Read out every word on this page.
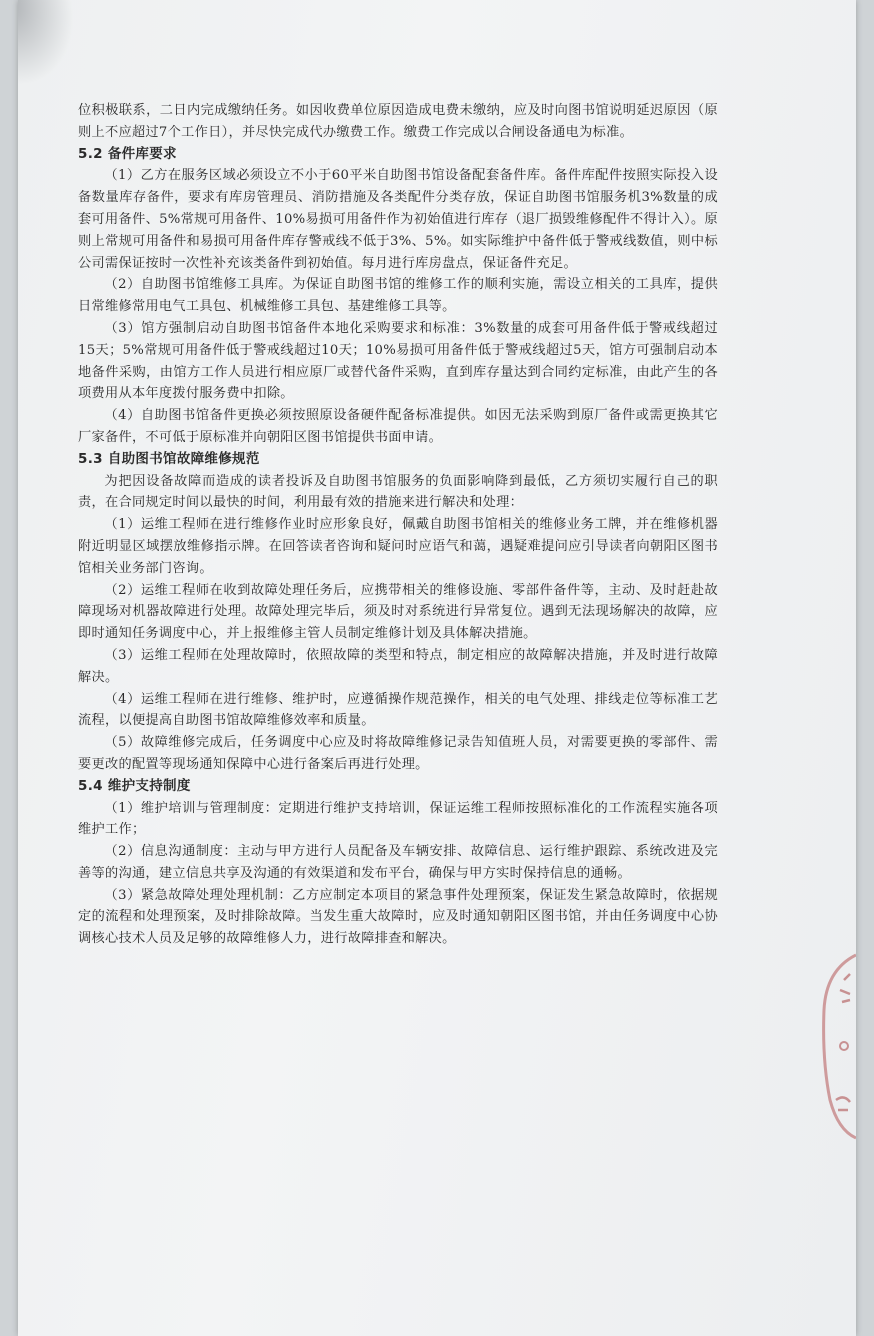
位积极联系，二日内完成缴纳任务。如因收费单位原因造成电费未缴纳，应及时向图书馆说明延迟原因（原则上不应超过7个工作日），并尽快完成代办缴费工作。缴费工作完成以合闸设备通电为标准。

5.2 备件库要求

（1）乙方在服务区域必须设立不小于60平米自助图书馆设备配套备件库。备件库配件按照实际投入设备数量库存备件，要求有库房管理员、消防措施及各类配件分类存放，保证自助图书馆服务机3%数量的成套可用备件、5%常规可用备件、10%易损可用备件作为初始值进行库存（退厂损毁维修配件不得计入）。原则上常规可用备件和易损可用备件库存警戒线不低于3%、5%。如实际维护中备件低于警戒线数值，则中标公司需保证按时一次性补充该类备件到初始值。每月进行库房盘点，保证备件充足。

（2）自助图书馆维修工具库。为保证自助图书馆的维修工作的顺利实施，需设立相关的工具库，提供日常维修常用电气工具包、机械维修工具包、基建维修工具等。

（3）馆方强制启动自助图书馆备件本地化采购要求和标准：3%数量的成套可用备件低于警戒线超过15天；5%常规可用备件低于警戒线超过10天；10%易损可用备件低于警戒线超过5天，馆方可强制启动本地备件采购，由馆方工作人员进行相应原厂或替代备件采购，直到库存量达到合同约定标准，由此产生的各项费用从本年度拨付服务费中扣除。

（4）自助图书馆备件更换必须按照原设备硬件配备标准提供。如因无法采购到原厂备件或需更换其它厂家备件，不可低于原标准并向朝阳区图书馆提供书面申请。

5.3 自助图书馆故障维修规范

为把因设备故障而造成的读者投诉及自助图书馆服务的负面影响降到最低，乙方须切实履行自己的职责，在合同规定时间以最快的时间，利用最有效的措施来进行解决和处理：

（1）运维工程师在进行维修作业时应形象良好，佩戴自助图书馆相关的维修业务工牌，并在维修机器附近明显区域摆放维修指示牌。在回答读者咨询和疑问时应语气和蔼，遇疑难提问应引导读者向朝阳区图书馆相关业务部门咨询。

（2）运维工程师在收到故障处理任务后，应携带相关的维修设施、零部件备件等，主动、及时赶赴故障现场对机器故障进行处理。故障处理完毕后，须及时对系统进行异常复位。遇到无法现场解决的故障，应即时通知任务调度中心，并上报维修主管人员制定维修计划及具体解决措施。

（3）运维工程师在处理故障时，依照故障的类型和特点，制定相应的故障解决措施，并及时进行故障解决。

（4）运维工程师在进行维修、维护时，应遵循操作规范操作，相关的电气处理、排线走位等标准工艺流程，以便提高自助图书馆故障维修效率和质量。

（5）故障维修完成后，任务调度中心应及时将故障维修记录告知值班人员，对需要更换的零部件、需要更改的配置等现场通知保障中心进行备案后再进行处理。

5.4 维护支持制度

（1）维护培训与管理制度：定期进行维护支持培训，保证运维工程师按照标准化的工作流程实施各项维护工作；

（2）信息沟通制度：主动与甲方进行人员配备及车辆安排、故障信息、运行维护跟踪、系统改进及完善等的沟通，建立信息共享及沟通的有效渠道和发布平台，确保与甲方实时保持信息的通畅。

（3）紧急故障处理处理机制：乙方应制定本项目的紧急事件处理预案，保证发生紧急故障时，依据规定的流程和处理预案，及时排除故障。当发生重大故障时，应及时通知朝阳区图书馆，并由任务调度中心协调核心技术人员及足够的故障维修人力，进行故障排查和解决。
